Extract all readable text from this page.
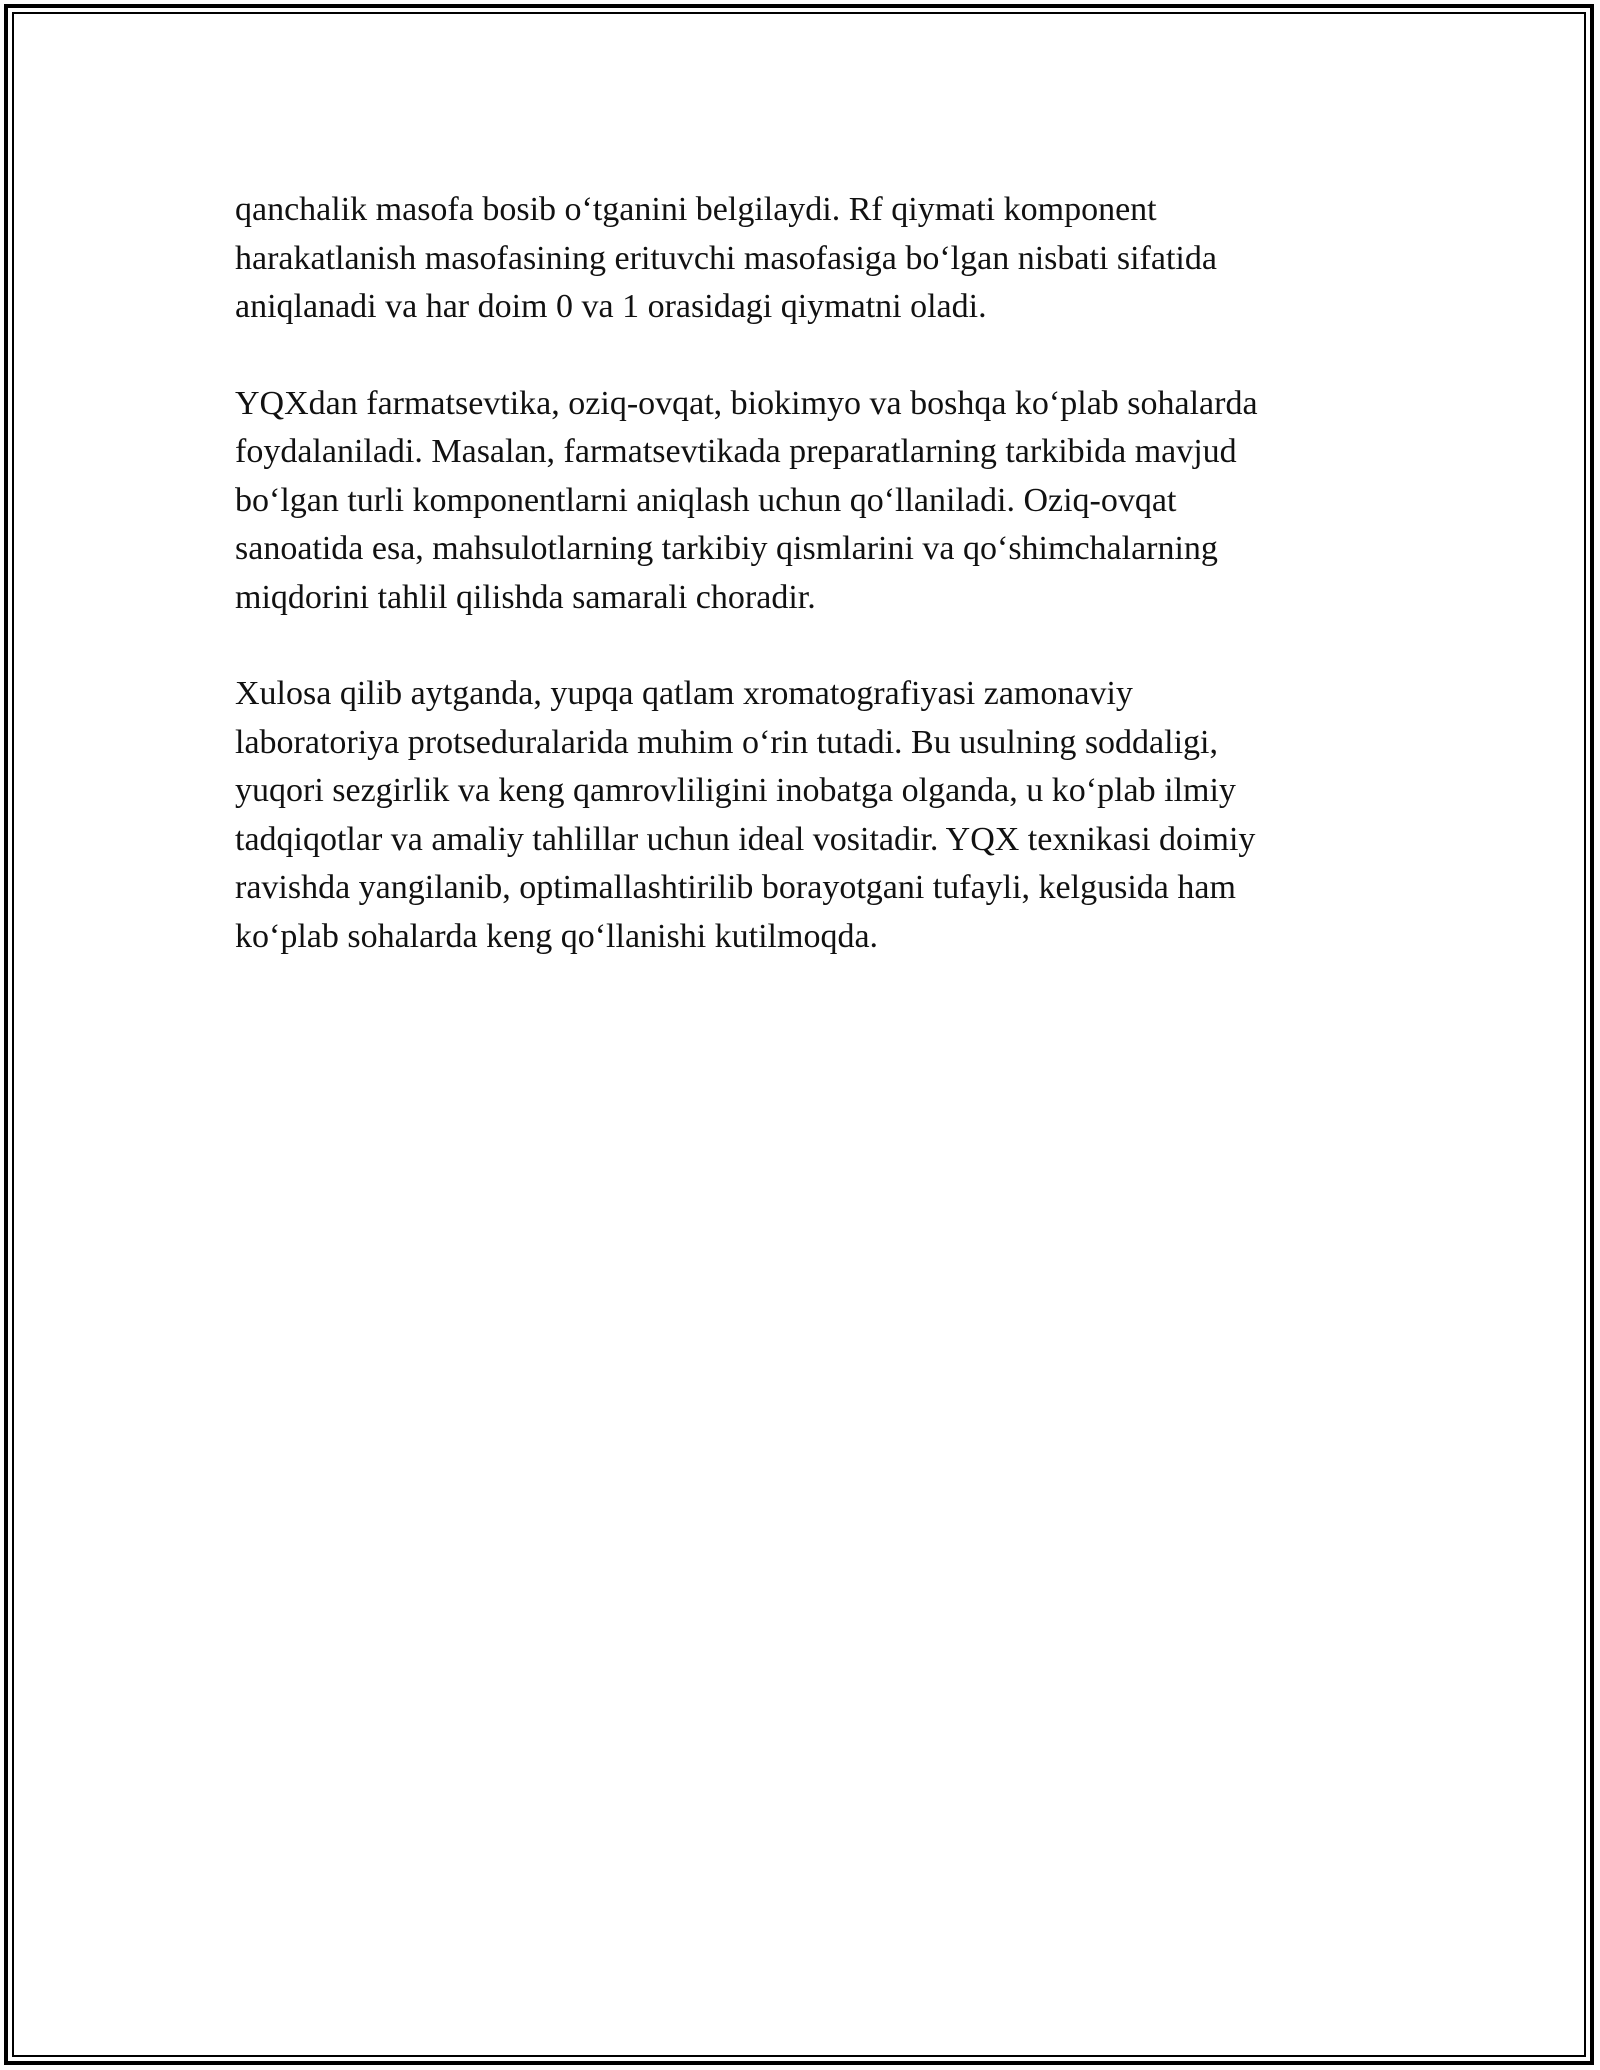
qanchalik masofa bosib o‘tganini belgilaydi. Rf qiymati komponent
harakatlanish masofasining erituvchi masofasiga bo‘lgan nisbati sifatida
aniqlanadi va har doim 0 va 1 orasidagi qiymatni oladi.

YQXdan farmatsevtika, oziq-ovqat, biokimyo va boshqa ko‘plab sohalarda
foydalaniladi. Masalan, farmatsevtikada preparatlarning tarkibida mavjud
bo‘lgan turli komponentlarni aniqlash uchun qo‘llaniladi. Oziq-ovqat
sanoatida esa, mahsulotlarning tarkibiy qismlarini va qo‘shimchalarning
miqdorini tahlil qilishda samarali choradir.

Xulosa qilib aytganda, yupqa qatlam xromatografiyasi zamonaviy
laboratoriya protseduralarida muhim o‘rin tutadi. Bu usulning soddaligi,
yuqori sezgirlik va keng qamrovliligini inobatga olganda, u ko‘plab ilmiy
tadqiqotlar va amaliy tahlillar uchun ideal vositadir. YQX texnikasi doimiy
ravishda yangilanib, optimallashtirilib borayotgani tufayli, kelgusida ham
ko‘plab sohalarda keng qo‘llanishi kutilmoqda.
